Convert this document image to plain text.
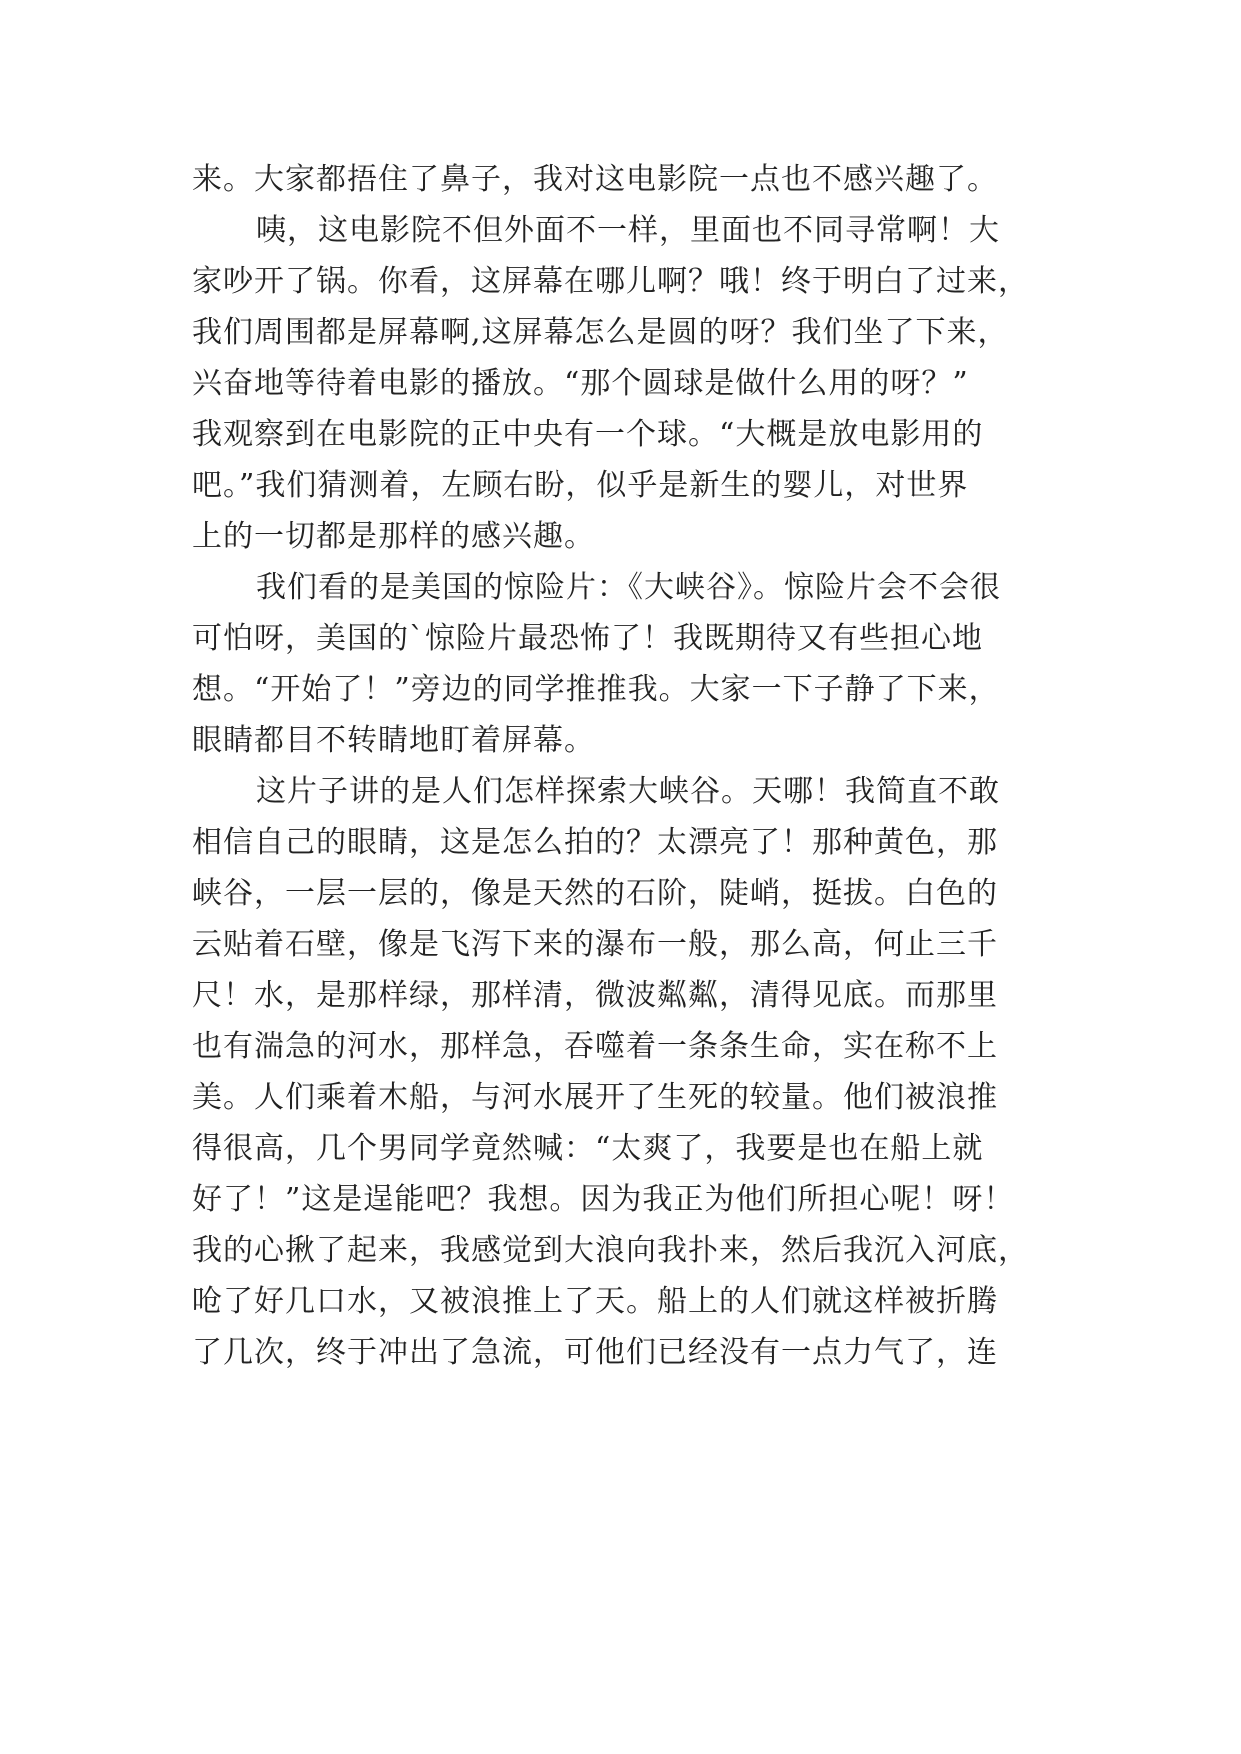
来。大家都捂住了鼻子，我对这电影院一点也不感兴趣了。
咦，这电影院不但外面不一样，里面也不同寻常啊！大
家吵开了锅。你看，这屏幕在哪儿啊？哦！终于明白了过来，
我们周围都是屏幕啊,这屏幕怎么是圆的呀？我们坐了下来，
兴奋地等待着电影的播放。“那个圆球是做什么用的呀？”
我观察到在电影院的正中央有一个球。“大概是放电影用的
吧。”我们猜测着，左顾右盼，似乎是新生的婴儿，对世界
上的一切都是那样的感兴趣。
我们看的是美国的惊险片：《大峡谷》。惊险片会不会很
可怕呀，美国的`惊险片最恐怖了！我既期待又有些担心地
想。“开始了！”旁边的同学推推我。大家一下子静了下来，
眼睛都目不转睛地盯着屏幕。
这片子讲的是人们怎样探索大峡谷。天哪！我简直不敢
相信自己的眼睛，这是怎么拍的？太漂亮了！那种黄色，那
峡谷，一层一层的，像是天然的石阶，陡峭，挺拔。白色的
云贴着石壁，像是飞泻下来的瀑布一般，那么高，何止三千
尺！水，是那样绿，那样清，微波粼粼，清得见底。而那里
也有湍急的河水，那样急，吞噬着一条条生命，实在称不上
美。人们乘着木船，与河水展开了生死的较量。他们被浪推
得很高，几个男同学竟然喊：“太爽了，我要是也在船上就
好了！”这是逞能吧？我想。因为我正为他们所担心呢！呀！
我的心揪了起来，我感觉到大浪向我扑来，然后我沉入河底，
呛了好几口水，又被浪推上了天。船上的人们就这样被折腾
了几次，终于冲出了急流，可他们已经没有一点力气了，连
